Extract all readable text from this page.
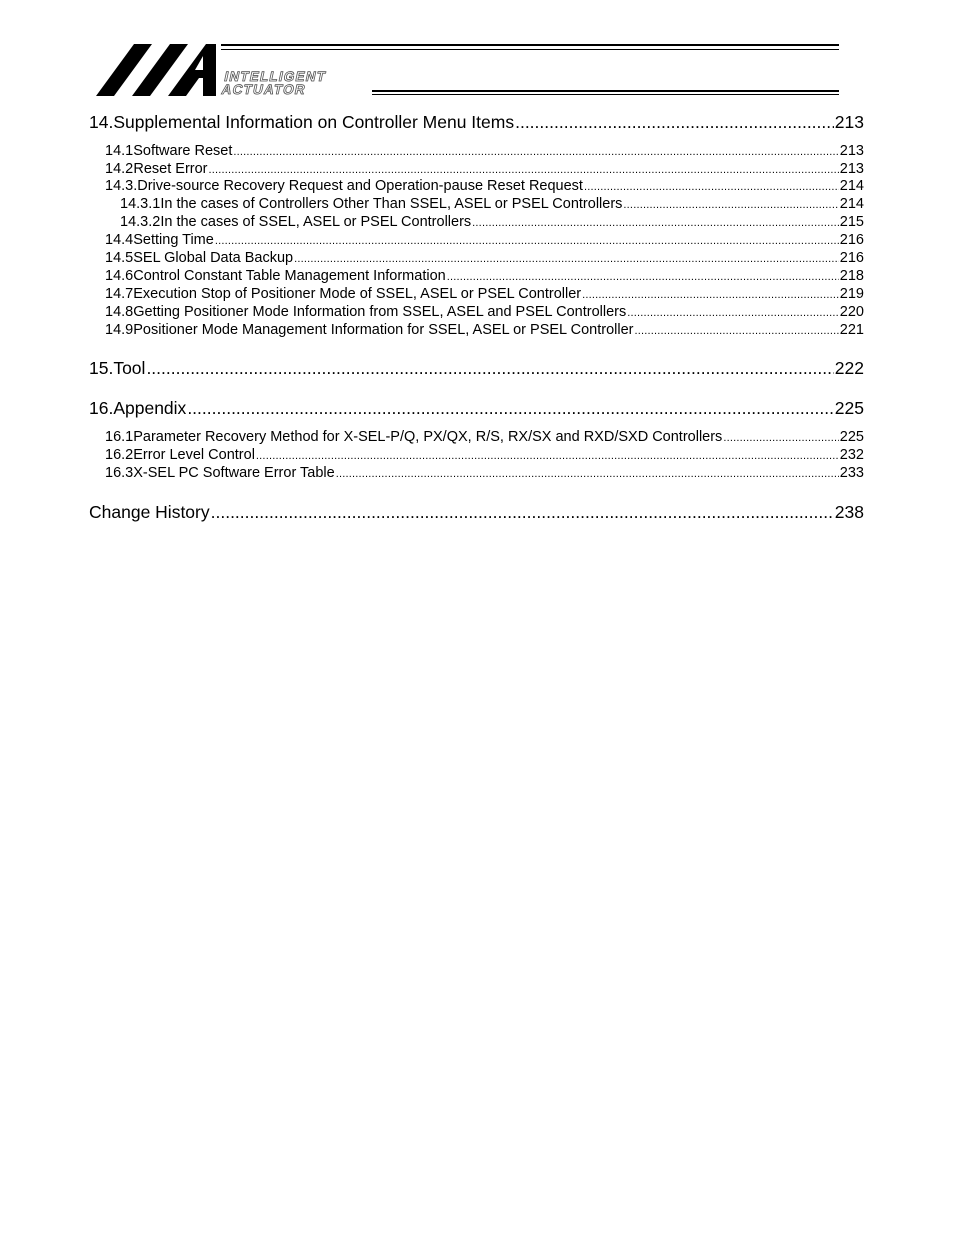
INTELLIGENT
ACTUATOR
14. Supplemental Information on Controller Menu Items .....	213
14.1 Software Reset .....	213
14.2 Reset Error .....	213
14.3. Drive-source Recovery Request and Operation-pause Reset Request .....	214
14.3.1 In the cases of Controllers Other Than SSEL, ASEL or PSEL Controllers .....	214
14.3.2 In the cases of SSEL, ASEL or PSEL Controllers .....	215
14.4 Setting Time .....	216
14.5 SEL Global Data Backup .....	216
14.6 Control Constant Table Management Information .....	218
14.7 Execution Stop of Positioner Mode of SSEL, ASEL or PSEL Controller .....	219
14.8 Getting Positioner Mode Information from SSEL, ASEL and PSEL Controllers .....	220
14.9 Positioner Mode Management Information for SSEL, ASEL or PSEL Controller .....	221
15. Tool .....	222
16. Appendix .....	225
16.1 Parameter Recovery Method for X-SEL-P/Q, PX/QX, R/S, RX/SX and RXD/SXD Controllers .....	225
16.2 Error Level Control .....	232
16.3 X-SEL PC Software Error Table .....	233
Change History .....	238
